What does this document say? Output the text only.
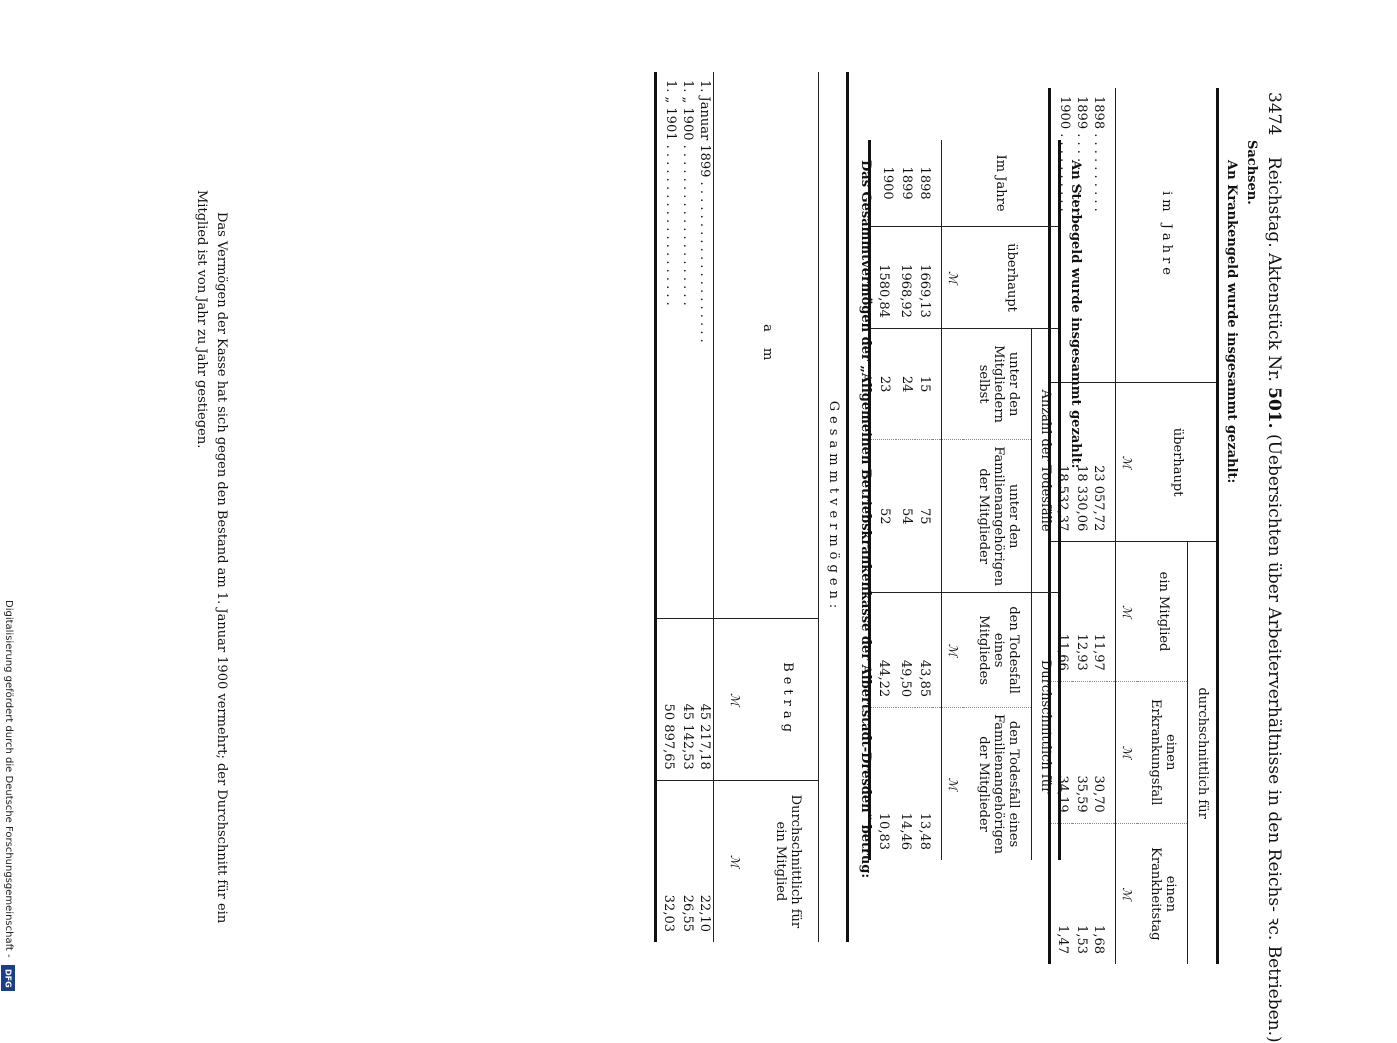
3474    Reichstag. Aktenstück Nr. 501. (Uebersichten über Arbeiterverhältnisse in den Reichs- ꝛc. Betrieben.)
Sachsen.
An Krankengeld wurde insgesammt gezahlt:
im Jahre	überhaupt	durchschnittlich für		
		ein Mitglied	einen Erkrankungsfall	einen Krankheitstag
	ℳ	ℳ	ℳ	ℳ

1898 . . . . . . . . . .	23 057,72	11,97	30,70	1,68
1899 . . . . . . . . . .	18 330,06	12,93	35,59	1,53
1900 . . . . . . . . . .	18 532,37	11,66	34,19	1,47
An Sterbegeld wurde insgesammt gezahlt:
Im Jahre	überhaupt	Anzahl der Todesfälle		Durchschnittlich für	
		unter den Mitgliedern selbst	unter den Familienangehörigen der Mitglieder	den Todesfall eines Mitgliedes	den Todesfall eines Familienangehörigen der Mitglieder
	ℳ			ℳ	ℳ

1898	1669,13	15	75	43,85	13,48
1899	1968,92	24	54	49,50	14,46
1900	1580,84	23	52	44,22	10,83
Das Gesammtvermögen der „Allgemeinen Betriebskrankenkasse der Albertstadt-Dresden“ betrug:
Gesammtvermögen:		
a m	Betrag	Durchschnittlich für ein Mitglied
	ℳ	ℳ
1. Januar 1899 . . . . . . . . . . . . . . . . . . . .	45 217,18	22,10
1. „ 1900 . . . . . . . . . . . . . . . . . . . .	45 142,53	26,55
1. „ 1901 . . . . . . . . . . . . . . . . . . . .	50 897,65	32,03
Das Vermögen der Kasse hat sich gegen den Bestand am 1. Januar 1900 vermehrt; der Durchschnitt für ein Mitglied ist von Jahr zu Jahr gestiegen.
Digitalisierung gefördert durch die Deutsche Forschungsgemeinschaft -
DFG
